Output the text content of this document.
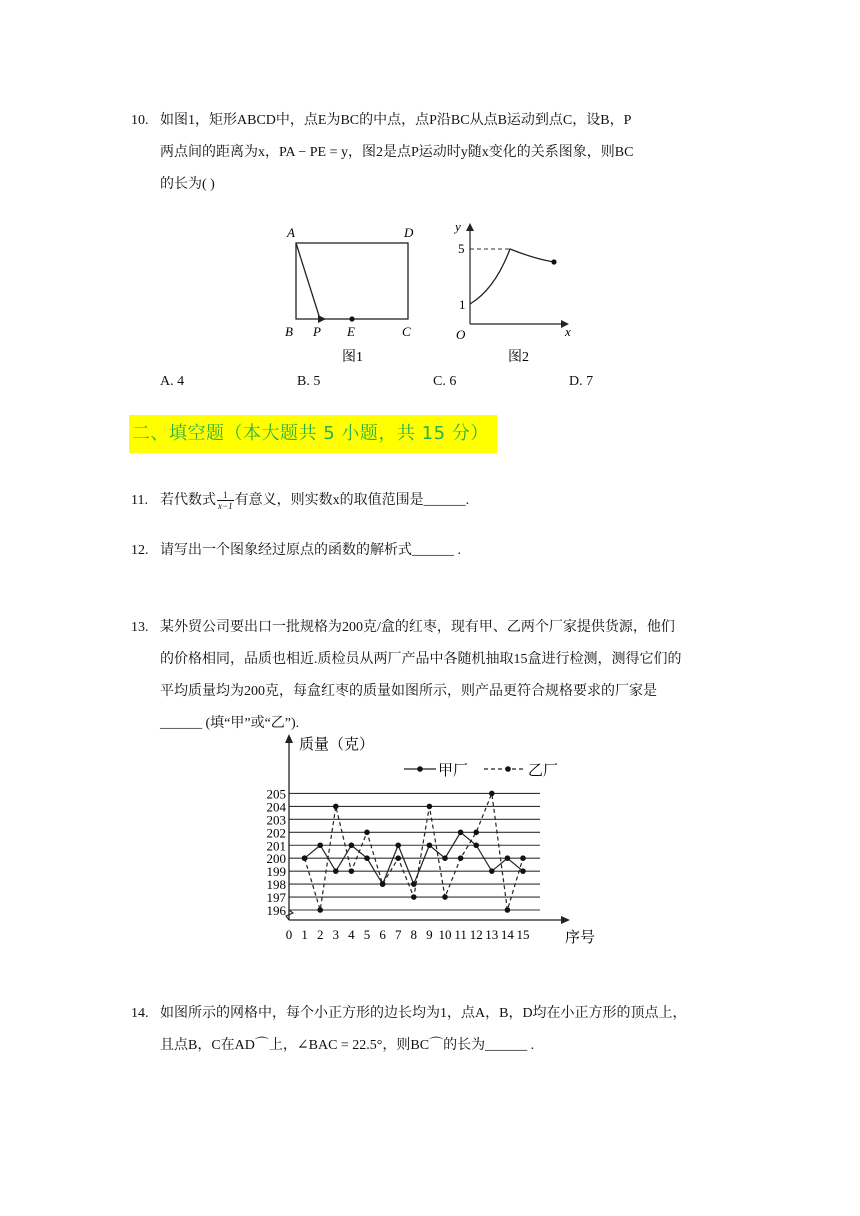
10. 如图1，矩形ABCD中，点E为BC的中点，点P沿BC从点B运动到点C，设B，P
两点间的距离为x，PA − PE = y，图2是点P运动时y随x变化的关系图象，则BC
的长为( )
A	D
B P E	C
图1
y
x
O
5
1
图2
A. 4	B. 5	C. 6	D. 7
二、填空题（本大题共 5 小题，共 15 分）
11. 若代数式 $\frac{1}{x-1}$ 有意义，则实数x的取值范围是______.
12. 请写出一个图象经过原点的函数的解析式______ .
13. 某外贸公司要出口一批规格为200克/盒的红枣，现有甲、乙两个厂家提供货源，他们
的价格相同，品质也相近.质检员从两厂产品中各随机抽取15盒进行检测，测得它们的
平均质量均为200克，每盒红枣的质量如图所示，则产品更符合规格要求的厂家是
______ (填“甲”或“乙”).
质量（克）
序号
196
197
198
199
200
201
202
203
204
205
0 1 2 3 4 5 6 7 8 9 10 11 12 13 14 15
甲厂	乙厂
14. 如图所示的网格中，每个小正方形的边长均为1，点A，B，D均在小正方形的顶点上，
且点B，C在AD⌒上，∠BAC = 22.5°，则BC⌒的长为______ .
